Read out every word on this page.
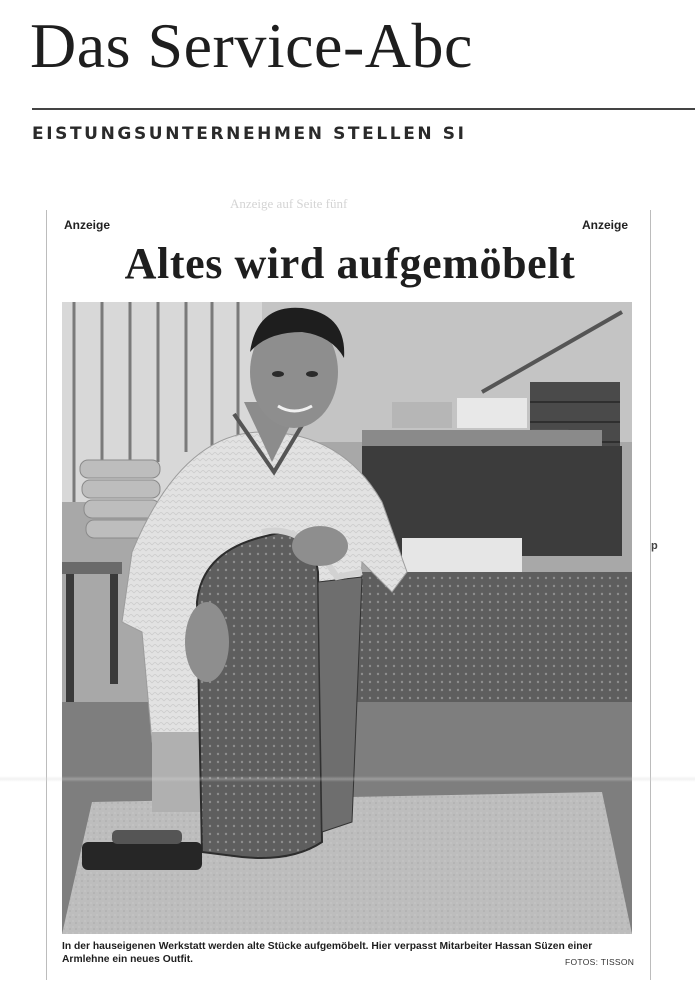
Das Service-Abc
EISTUNGSUNTERNEHMEN STELLEN SI
Anzeige auf Seite fünf
Anzeige	Anzeige
Altes wird aufgemöbelt
In der hauseigenen Werkstatt werden alte Stücke aufgemöbelt. Hier verpasst Mitarbeiter Hassan Süzen einer Armlehne ein neues Outfit.	FOTOS: TISSON
p
